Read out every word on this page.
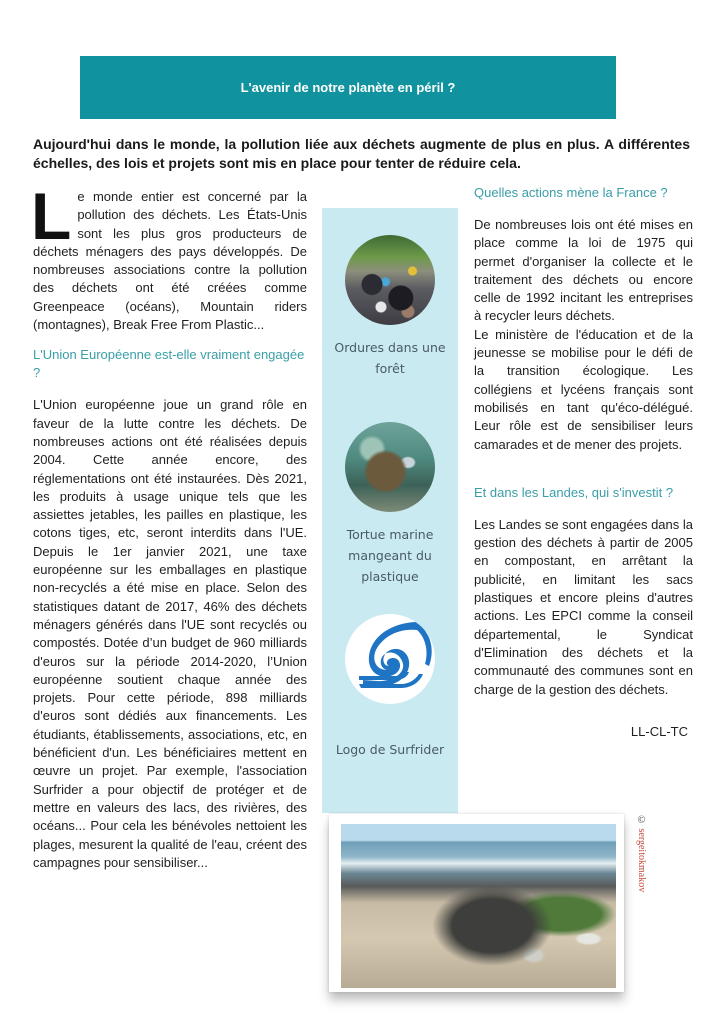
L'avenir de notre planète en péril ?

Aujourd'hui dans le monde, la pollution liée aux déchets augmente de plus en plus. A différentes échelles, des lois et projets sont mis en place pour tenter de réduire cela.

Le monde entier est concerné par la pollution des déchets. Les États-Unis sont les plus gros producteurs de déchets ménagers des pays développés. De nombreuses associations contre la pollution des déchets ont été créées comme Greenpeace (océans), Mountain riders (montagnes), Break Free From Plastic...

L'Union Européenne est-elle vraiment engagée ?

L'Union européenne joue un grand rôle en faveur de la lutte contre les déchets. De nombreuses actions ont été réalisées depuis 2004. Cette année encore, des réglementations ont été instaurées. Dès 2021, les produits à usage unique tels que les assiettes jetables, les pailles en plastique, les cotons tiges, etc, seront interdits dans l'UE. Depuis le 1er janvier 2021, une taxe européenne sur les emballages en plastique non-recyclés a été mise en place. Selon des statistiques datant de 2017, 46% des déchets ménagers générés dans l'UE sont recyclés ou compostés. Dotée d’un budget de 960 milliards d'euros sur la période 2014-2020, l’Union européenne soutient chaque année des projets. Pour cette période, 898 milliards d'euros sont dédiés aux financements. Les étudiants, établissements, associations, etc, en bénéficient d'un. Les bénéficiaires mettent en œuvre un projet. Par exemple, l'association Surfrider a pour objectif de protéger et de mettre en valeurs des lacs, des rivières, des océans... Pour cela les bénévoles nettoient les plages, mesurent la qualité de l'eau, créent des campagnes pour sensibiliser...

Ordures dans une forêt
Tortue marine mangeant du plastique
Logo de Surfrider
Quelles actions mène la France ?

De nombreuses lois ont été mises en place comme la loi de 1975 qui permet d'organiser la collecte et le traitement des déchets ou encore celle de 1992 incitant les entreprises à recycler leurs déchets.

Le ministère de l'éducation et de la jeunesse se mobilise pour le défi de la transition écologique. Les collégiens et lycéens français sont mobilisés en tant qu'éco-délégué. Leur rôle est de sensibiliser leurs camarades et de mener des projets.

Et dans les Landes, qui s'investit ?

Les Landes se sont engagées dans la gestion des déchets à partir de 2005 en compostant, en arrêtant la publicité, en limitant les sacs plastiques et encore pleins d'autres actions. Les EPCI comme la conseil départemental, le Syndicat d'Elimination des déchets et la communauté des communes sont en charge de la gestion des déchets.

LL-CL-TC
© sergeitokmakov
